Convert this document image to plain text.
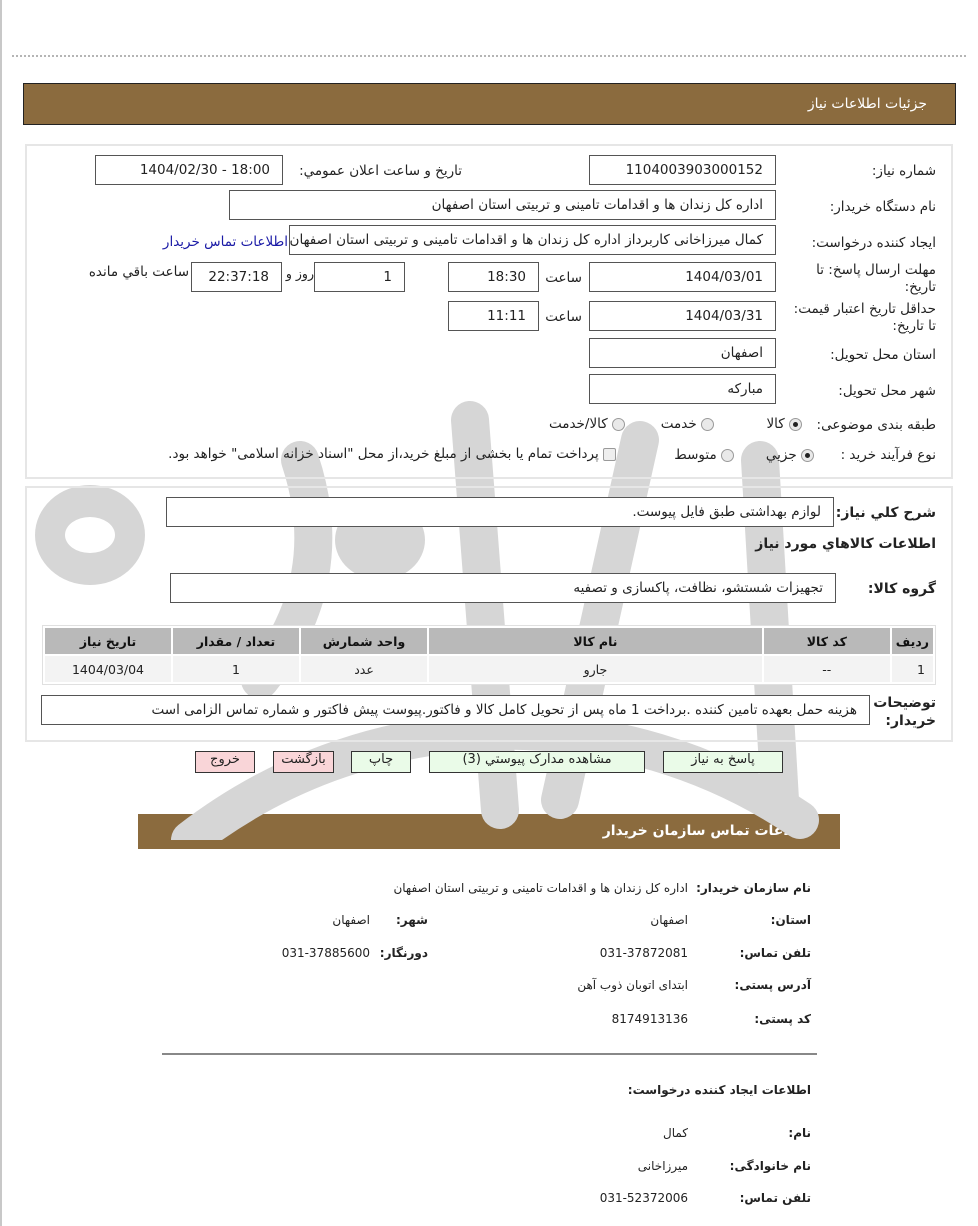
جزئیات اطلاعات نیاز
شماره نیاز:
1104003903000152
تاريخ و ساعت اعلان عمومي:
1404/02/30 - 18:00
نام دستگاه خریدار:
اداره کل زندان ها و اقدامات تامینی و تربیتی استان اصفهان
ایجاد کننده درخواست:
کمال میرزاخانی کاربرداز اداره کل زندان ها و اقدامات تامینی و تربیتی استان اصفهان
اطلاعات تماس خریدار
مهلت ارسال پاسخ: تا تاریخ:
1404/03/01
ساعت
18:30
1
روز و
22:37:18
ساعت باقي مانده
حداقل تاریخ اعتبار قیمت: تا تاریخ:
1404/03/31
ساعت
11:11
استان محل تحویل:
اصفهان
شهر محل تحویل:
مبارکه
طبقه بندی موضوعی:
کالا
خدمت
کالا/خدمت
نوع فرآیند خرید :
جزيي
متوسط
پرداخت تمام یا بخشی از مبلغ خرید،از محل "اسناد خزانه اسلامی" خواهد بود.
شرح کلي نياز:
لوازم بهداشتی طبق فایل پیوست.
اطلاعات کالاهاي مورد نياز
گروه کالا:
تجهیزات شستشو، نظافت، پاکسازی و تصفیه
رديف	کد کالا	نام کالا	واحد شمارش	تعداد / مقدار	تاريخ نياز
1	--	جارو	عدد	1	1404/03/04
توضیحات خریدار:
هزینه حمل بعهده تامین کننده .برداخت 1 ماه پس از تحویل کامل کالا و فاکتور.پیوست پیش فاکتور و شماره تماس الزامی است
پاسخ به نیاز
مشاهده مدارک پیوستي (3)
چاپ
بازگشت
خروج
اطلاعات تماس سازمان خریدار
نام سازمان خریدار:
اداره کل زندان ها و اقدامات تامینی و تربیتی استان اصفهان
استان:
اصفهان
شهر:
اصفهان
تلفن تماس:
031-37872081
دورنگار:
031-37885600
آدرس پستی:
ابتدای اتوبان ذوب آهن
کد پستی:
8174913136
اطلاعات ایجاد کننده درخواست:
نام:
کمال
نام خانوادگی:
میرزاخانی
تلفن تماس:
031-52372006
